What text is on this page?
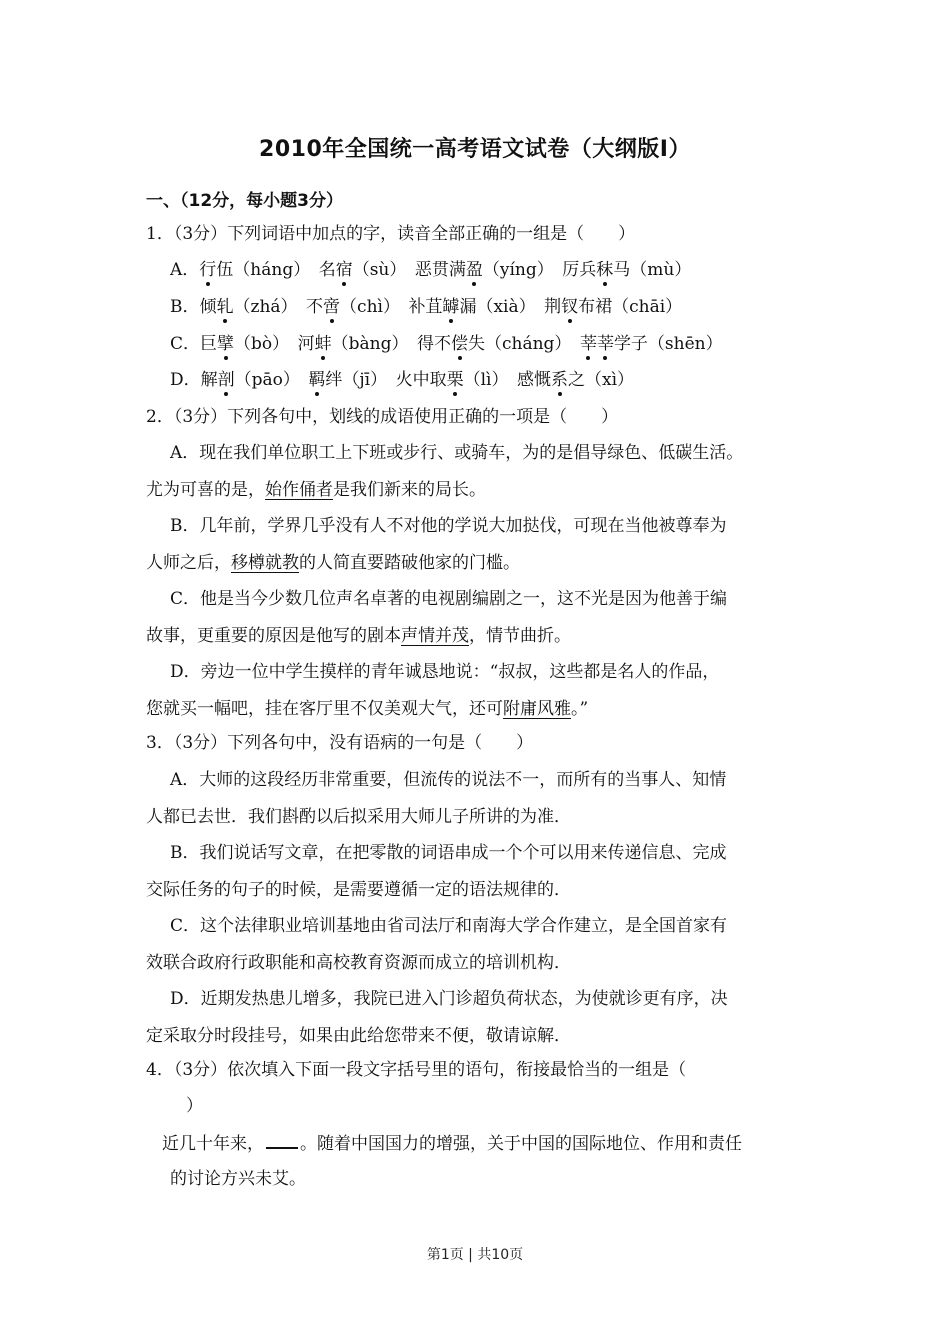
2010年全国统一高考语文试卷（大纲版Ⅰ）
一、（12分，每小题3分）
1．（3分）下列词语中加点的字，读音全部正确的一组是（　　）
A．行伍（háng）　 名宿（sù）　 恶贯满盈（yíng）　 厉兵秣马（mù）
B．倾轧（zhá）　 不啻（chì）　 补苴罅漏（xià）　 荆钗布裙（chāi）
C．巨擘（bò）　 河蚌（bàng）　 得不偿失（cháng）　 莘莘学子（shēn）
D．解剖（pāo）　 羁绊（jī）　 火中取栗（lì）　 感慨系之（xì）
2．（3分）下列各句中，划线的成语使用正确的一项是（　　）
A．现在我们单位职工上下班或步行、或骑车，为的是倡导绿色、低碳生活。
尤为可喜的是，始作俑者是我们新来的局长。
B．几年前，学界几乎没有人不对他的学说大加挞伐，可现在当他被尊奉为
人师之后，移樽就教的人简直要踏破他家的门槛。
C．他是当今少数几位声名卓著的电视剧编剧之一，这不光是因为他善于编
故事，更重要的原因是他写的剧本声情并茂，情节曲折。
D．旁边一位中学生摸样的青年诚恳地说：“叔叔，这些都是名人的作品，
您就买一幅吧，挂在客厅里不仅美观大气，还可附庸风雅。”
3．（3分）下列各句中，没有语病的一句是（　　）
A．大师的这段经历非常重要，但流传的说法不一，而所有的当事人、知情
人都已去世．我们斟酌以后拟采用大师儿子所讲的为准．
B．我们说话写文章，在把零散的词语串成一个个可以用来传递信息、完成
交际任务的句子的时候，是需要遵循一定的语法规律的．
C．这个法律职业培训基地由省司法厅和南海大学合作建立，是全国首家有
效联合政府行政职能和高校教育资源而成立的培训机构．
D．近期发热患儿增多，我院已进入门诊超负荷状态，为使就诊更有序，决
定采取分时段挂号，如果由此给您带来不便，敬请谅解．
4．（3分）依次填入下面一段文字括号里的语句，衔接最恰当的一组是（
）
近几十年来， 。随着中国国力的增强，关于中国的国际地位、作用和责任
的讨论方兴未艾。
第1页 | 共10页
